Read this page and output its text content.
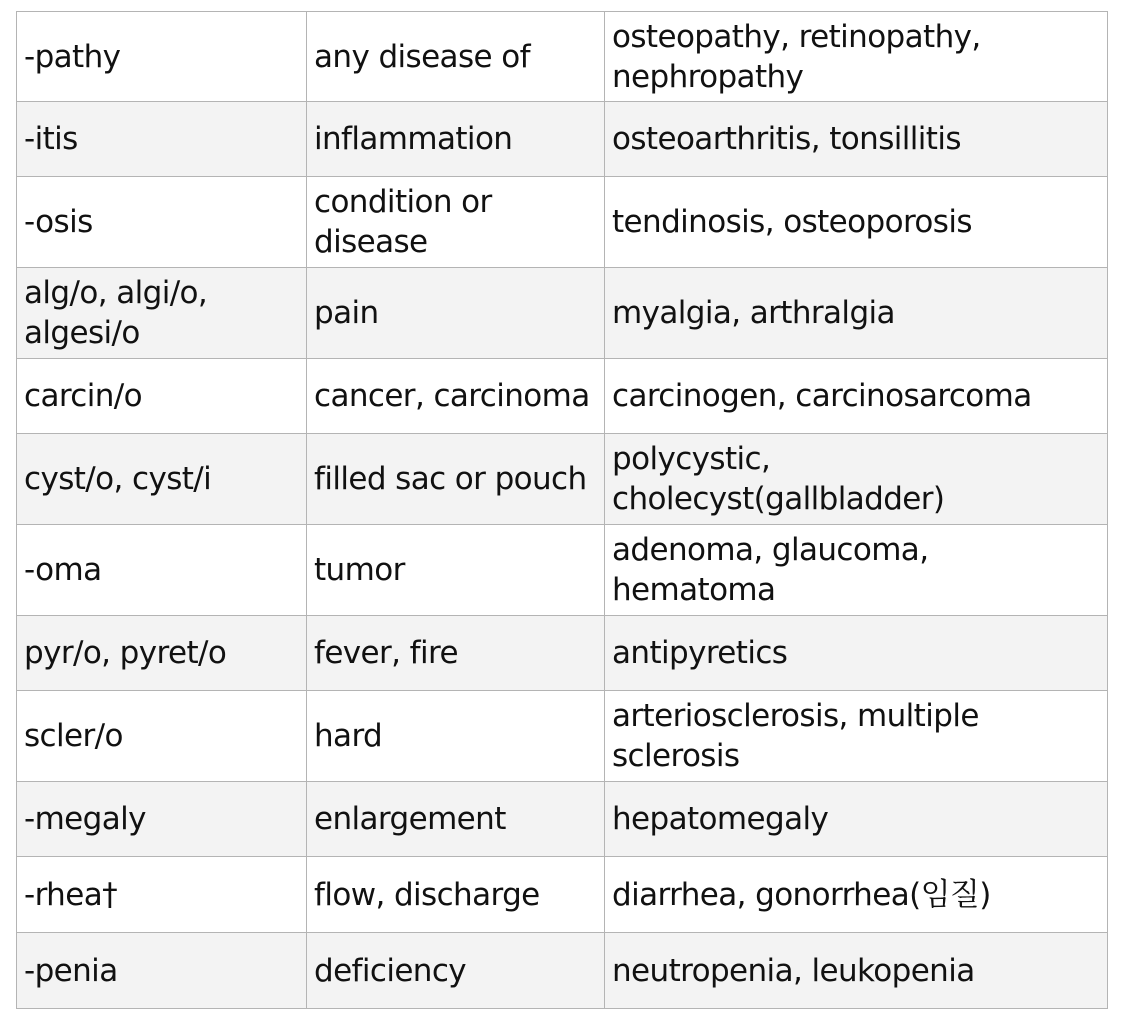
-pathy	any disease of	osteopathy, retinopathy, nephropathy
-itis	inflammation	osteoarthritis, tonsillitis
-osis	condition or disease	tendinosis, osteoporosis
alg/o, algi/o, algesi/o	pain	myalgia, arthralgia
carcin/o	cancer, carcinoma	carcinogen, carcinosarcoma
cyst/o, cyst/i	filled sac or pouch	polycystic, cholecyst(gallbladder)
-oma	tumor	adenoma, glaucoma, hematoma
pyr/o, pyret/o	fever, fire	antipyretics
scler/o	hard	arteriosclerosis, multiple sclerosis
-megaly	enlargement	hepatomegaly
-rhea†	flow, discharge	diarrhea, gonorrhea(임질)
-penia	deficiency	neutropenia, leukopenia
